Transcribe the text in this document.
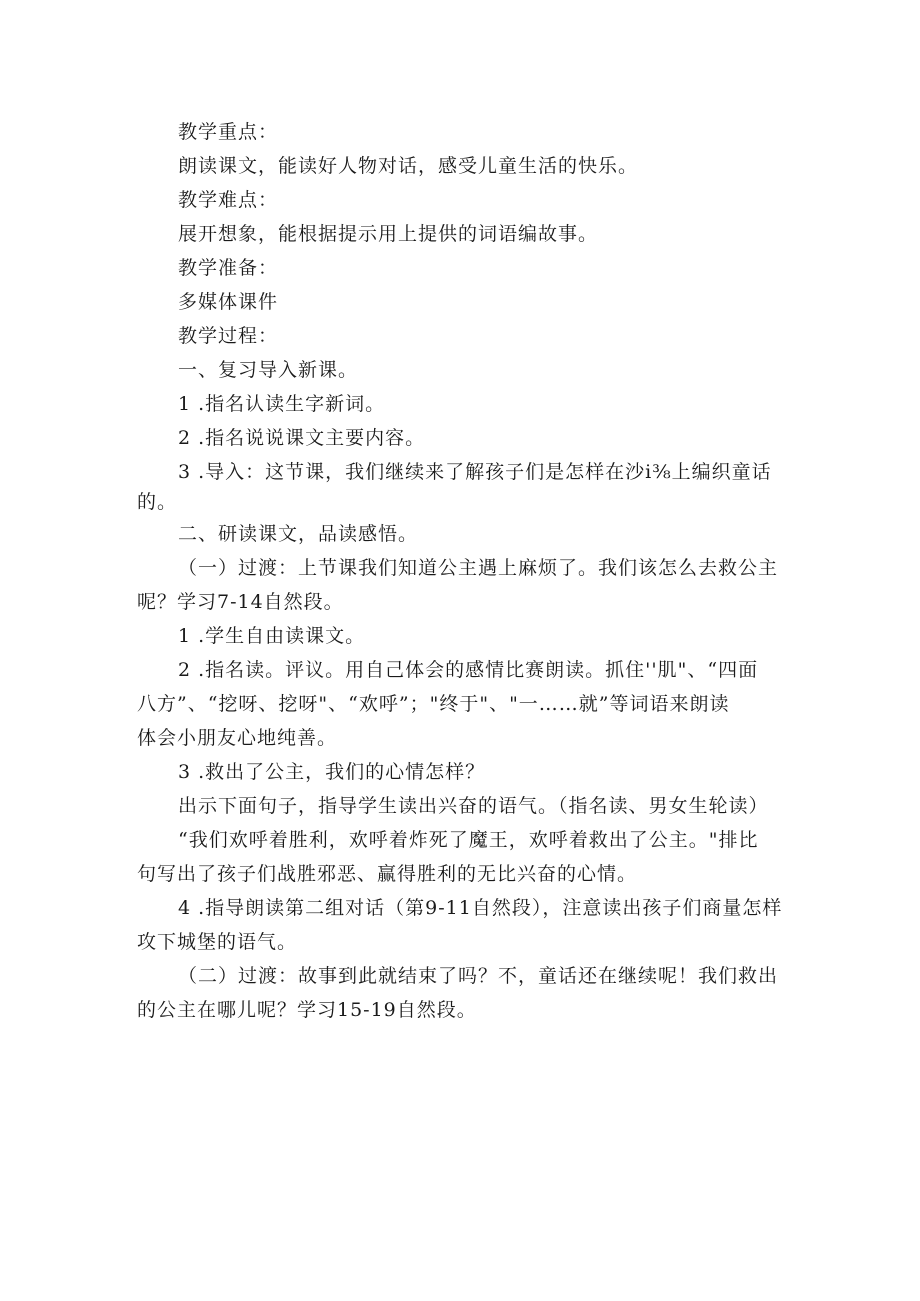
教学重点：
朗读课文，能读好人物对话，感受儿童生活的快乐。
教学难点：
展开想象，能根据提示用上提供的词语编故事。
教学准备：
多媒体课件
教学过程：
一、复习导入新课。
1 .指名认读生字新词。
2 .指名说说课文主要内容。
3 .导入：这节课，我们继续来了解孩子们是怎样在沙i⅜上编织童话
的。
二、研读课文，品读感悟。
（一）过渡：上节课我们知道公主遇上麻烦了。我们该怎么去救公主
呢？学习7-14自然段。
1 .学生自由读课文。
2 .指名读。评议。用自己体会的感情比赛朗读。抓住''肌"、“四面
八方”、“挖呀、挖呀"、“欢呼”；"终于"、"一……就”等词语来朗读
体会小朋友心地纯善。
3 .救出了公主，我们的心情怎样？
出示下面句子，指导学生读出兴奋的语气。（指名读、男女生轮读）
“我们欢呼着胜利，欢呼着炸死了魔王，欢呼着救出了公主。"排比
句写出了孩子们战胜邪恶、赢得胜利的无比兴奋的心情。
4 .指导朗读第二组对话（第9-11自然段），注意读出孩子们商量怎样
攻下城堡的语气。
（二）过渡：故事到此就结束了吗？不，童话还在继续呢！我们救出
的公主在哪儿呢？学习15-19自然段。
